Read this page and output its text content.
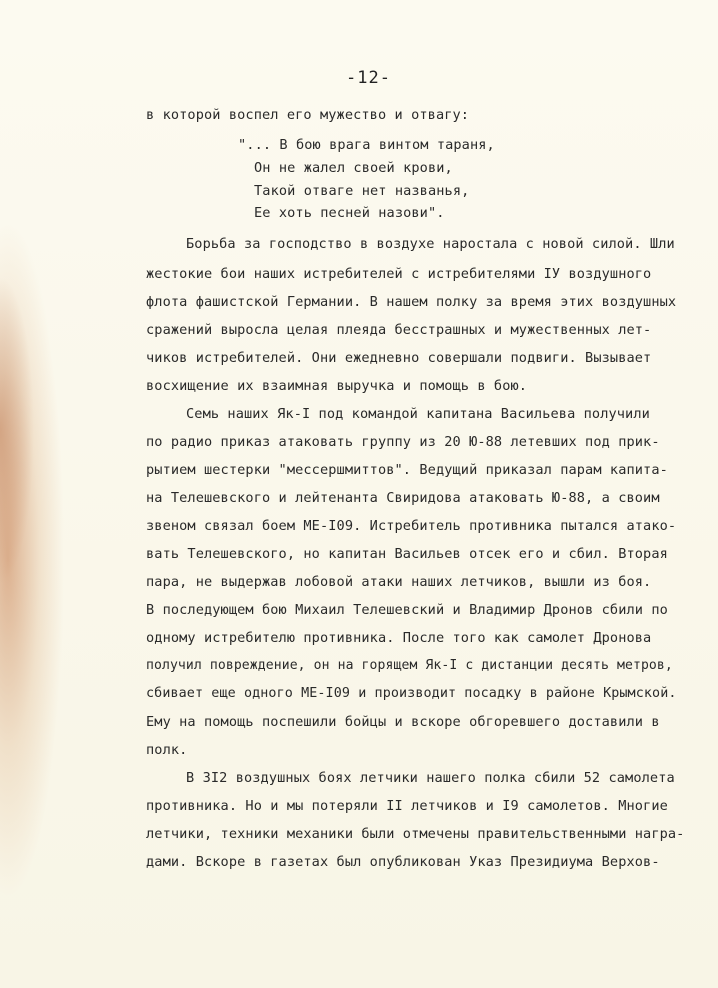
-12-
в которой воспел его мужество и отвагу:
"... В бою врага винтом тараня,
Он не жалел своей крови,
Такой отваге нет названья,
Ее хоть песней назови".
Борьба за господство в воздухе наростала с новой силой. Шли
жестокие бои наших истребителей с истребителями IУ воздушного
флота фашистской Германии. В нашем полку за время этих воздушных
сражений выросла целая плеяда бесстрашных и мужественных лет-
чиков истребителей. Они ежедневно совершали подвиги. Вызывает
восхищение их взаимная выручка и помощь в бою.
Семь наших Як-I под командой капитана Васильева получили
по радио приказ атаковать группу из 20 Ю-88 летевших под прик-
рытием шестерки "мессершмиттов". Ведущий приказал парам капита-
на Телешевского и лейтенанта Свиридова атаковать Ю-88, а своим
звеном связал боем МЕ-I09. Истребитель противника пытался атако-
вать Телешевского, но капитан Васильев отсек его и сбил. Вторая
пара, не выдержав лобовой атаки наших летчиков, вышли из боя.
В последующем бою Михаил Телешевский и Владимир Дронов сбили по
одному истребителю противника. После того как самолет Дронова
получил повреждение, он на горящем Як-I с дистанции десять метров,
сбивает еще одного МЕ-I09 и производит посадку в районе Крымской.
Ему на помощь поспешили бойцы и вскоре обгоревшего доставили в
полк.
В 3I2 воздушных боях летчики нашего полка сбили 52 самолета
противника. Но и мы потеряли II летчиков и I9 самолетов. Многие
летчики, техники механики были отмечены правительственными награ-
дами. Вскоре в газетах был опубликован Указ Президиума Верхов-
